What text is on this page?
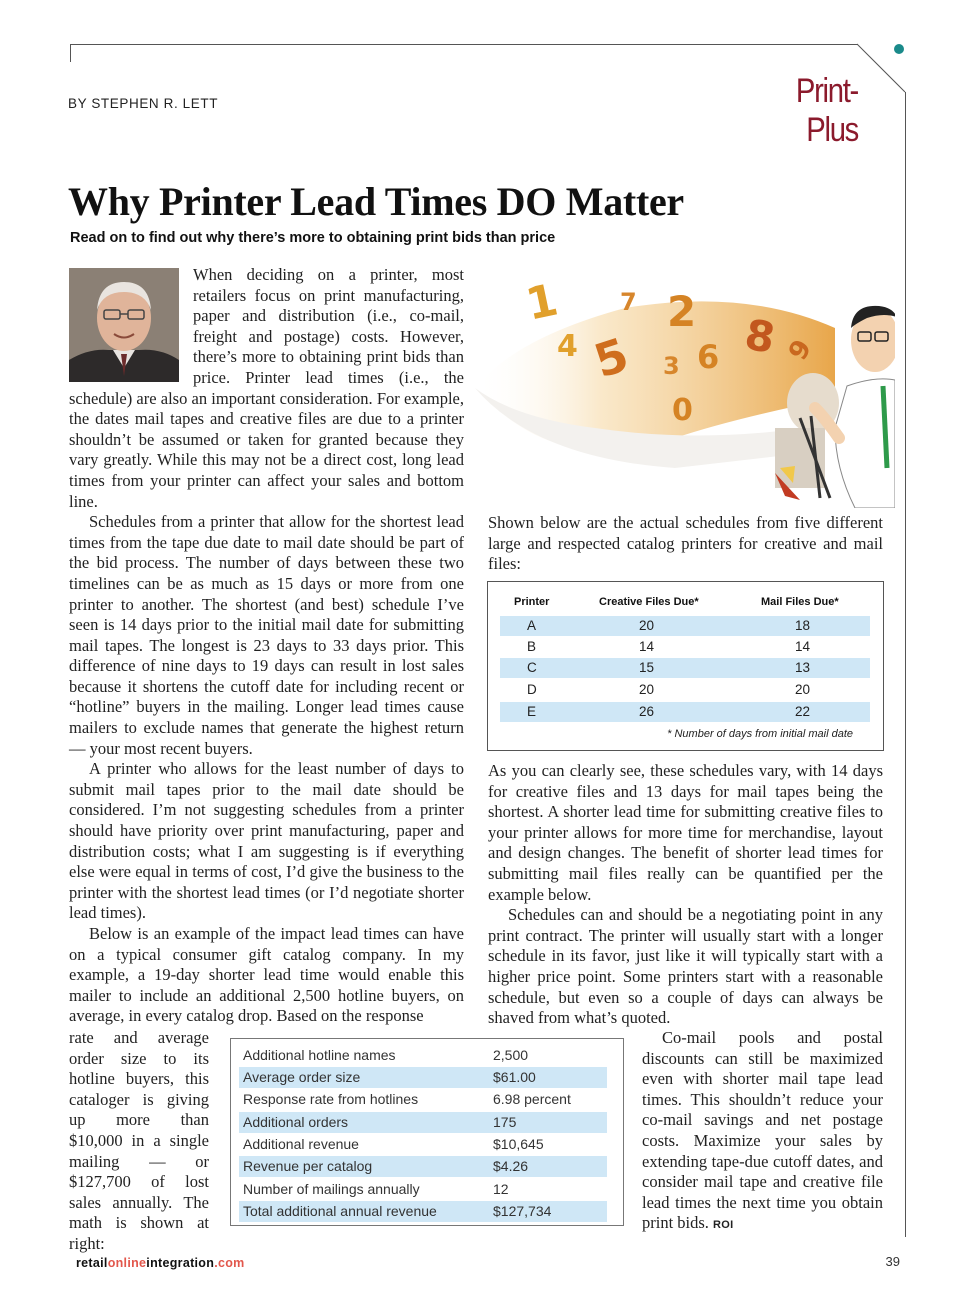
BY STEPHEN R. LETT	Print-Plus
Why Printer Lead Times DO Matter
Read on to find out why there’s more to obtaining print bids than price

When deciding on a printer, most retailers focus on print manufacturing, paper and distribution (i.e., co-mail, freight and postage) costs. However, there’s more to obtaining print bids than price. Printer lead times (i.e., the schedule) are also an important consideration. For example, the dates mail tapes and creative files are due to a printer shouldn’t be assumed or taken for granted because they vary greatly. While this may not be a direct cost, long lead times from your printer can affect your sales and bottom line.

Schedules from a printer that allow for the shortest lead times from the tape due date to mail date should be part of the bid process. The number of days between these two timelines can be as much as 15 days or more from one printer to another. The shortest (and best) schedule I’ve seen is 14 days prior to the initial mail date for submitting mail tapes. The longest is 23 days to 33 days prior. This difference of nine days to 19 days can result in lost sales because it shortens the cutoff date for including recent or “hotline” buyers in the mailing. Longer lead times cause mailers to exclude names that generate the highest return — your most recent buyers.

A printer who allows for the least number of days to submit mail tapes prior to the mail date should be considered. I’m not suggesting schedules from a printer should have priority over print manufacturing, paper and distribution costs; what I am suggesting is if everything else were equal in terms of cost, I’d give the business to the printer with the shortest lead times (or I’d negotiate shorter lead times).

Below is an example of the impact lead times can have on a typical consumer gift catalog company. In my example, a 19-day shorter lead time would enable this mailer to include an additional 2,500 hotline buyers, on average, in every catalog drop. Based on the response

rate and average order size to its hotline buyers, this cataloger is giving up more than $10,000 in a single mailing — or $127,700 of lost sales annually. The math is shown at right:

1 7 2
4 5 3 6 8 9
0

Shown below are the actual schedules from five different large and respected catalog printers for creative and mail files:

Printer	Creative Files Due*	Mail Files Due*
A	20	18
B	14	14
C	15	13
D	20	20
E	26	22
* Number of days from initial mail date

As you can clearly see, these schedules vary, with 14 days for creative files and 13 days for mail tapes being the shortest. A shorter lead time for submitting creative files to your printer allows for more time for merchandise, layout and design changes. The benefit of shorter lead times for submitting mail files really can be quantified per the example below.

Schedules can and should be a negotiating point in any print contract. The printer will usually start with a longer schedule in its favor, just like it will typically start with a higher price point. Some printers start with a reasonable schedule, but even so a couple of days can always be shaved from what’s quoted.

Co-mail pools and postal discounts can still be maximized even with shorter mail tape lead times. This shouldn’t reduce your co-mail savings and net postage costs. Maximize your sales by extending tape-due cutoff dates, and consider mail tape and creative file lead times the next time you obtain print bids. ROI

Additional hotline names	2,500
Average order size	$61.00
Response rate from hotlines	6.98 percent
Additional orders	175
Additional revenue	$10,645
Revenue per catalog	$4.26
Number of mailings annually	12
Total additional annual revenue	$127,734
retailonlineintegration.com	39
